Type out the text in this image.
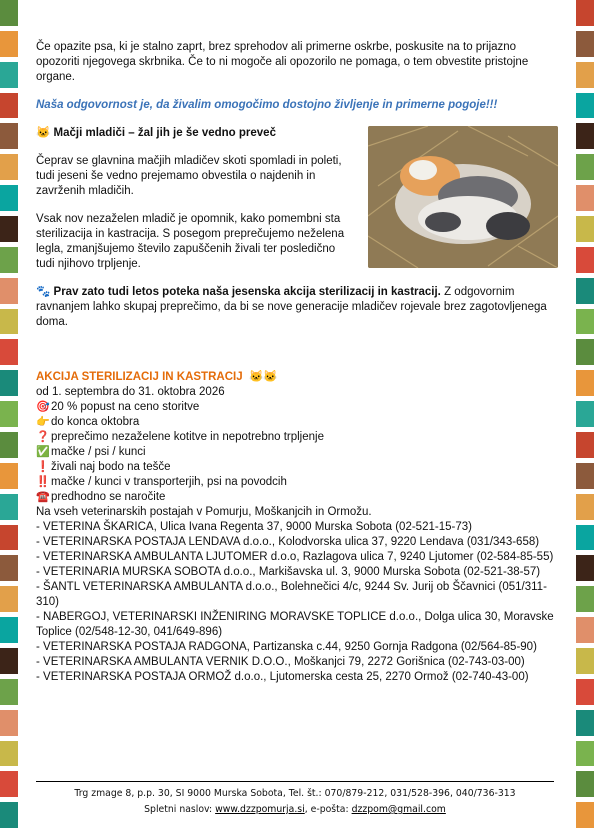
Če opazite psa, ki je stalno zaprt, brez sprehodov ali primerne oskrbe, poskusite na to prijazno opozoriti njegovega skrbnika. Če to ni mogoče ali opozorilo ne pomaga, o tem obvestite pristojne organe.

Naša odgovornost je, da živalim omogočimo dostojno življenje in primerne pogoje!!!

🐱 Mačji mladiči – žal jih je še vedno preveč

Čeprav se glavnina mačjih mladičev skoti spomladi in poleti, tudi jeseni še vedno prejemamo obvestila o najdenih in zavrženih mladičih.

Vsak nov nezaželen mladič je opomnik, kako pomembni sta sterilizacija in kastracija. S posegom preprečujemo neželena legla, zmanjšujemo število zapuščenih živali ter posledično tudi njihovo trpljenje.

🐾 Prav zato tudi letos poteka naša jesenska akcija sterilizacij in kastracij. Z odgovornim ravnanjem lahko skupaj preprečimo, da bi se nove generacije mladičev rojevale brez zagotovljenega doma.

AKCIJA STERILIZACIJ IN KASTRACIJ 🐱🐱

od 1. septembra do 31. oktobra 2026

🎯 20 % popust na ceno storitve
👉 do konca oktobra
❓ preprečimo nezaželene kotitve in nepotrebno trpljenje
✅ mačke / psi / kunci
❗ živali naj bodo na tešče
‼️ mačke / kunci v transporterjih, psi na povodcih
☎️ predhodno se naročite

Na vseh veterinarskih postajah v Pomurju, Moškanjcih in Ormožu.

- VETERINA ŠKARICA, Ulica Ivana Regenta 37, 9000 Murska Sobota (02-521-15-73)

- VETERINARSKA POSTAJA LENDAVA d.o.o., Kolodvorska ulica 37, 9220 Lendava (031/343-658)

- VETERINARSKA AMBULANTA LJUTOMER d.o.o, Razlagova ulica 7, 9240 Ljutomer (02-584-85-55)

- VETERINARIA MURSKA SOBOTA d.o.o., Markišavska ul. 3, 9000 Murska Sobota (02-521-38-57)

- ŠANTL VETERINARSKA AMBULANTA d.o.o., Bolehnečici 4/c, 9244 Sv. Jurij ob Ščavnici (051/311-310)

- NABERGOJ, VETERINARSKI INŽENIRING MORAVSKE TOPLICE d.o.o., Dolga ulica 30, Moravske Toplice (02/548-12-30, 041/649-896)

- VETERINARSKA POSTAJA RADGONA, Partizanska c.44, 9250 Gornja Radgona (02/564-85-90)

- VETERINARSKA AMBULANTA VERNIK D.O.O., Moškanjci 79, 2272 Gorišnica (02-743-03-00)

- VETERINARSKA POSTAJA ORMOŽ d.o.o., Ljutomerska cesta 25, 2270 Ormož (02-740-43-00)

Trg zmage 8, p.p. 30, SI 9000 Murska Sobota, Tel. št.: 070/879-212, 031/528-396, 040/736-313
Spletni naslov: www.dzzpomurja.si, e-pošta: dzzpom@gmail.com
